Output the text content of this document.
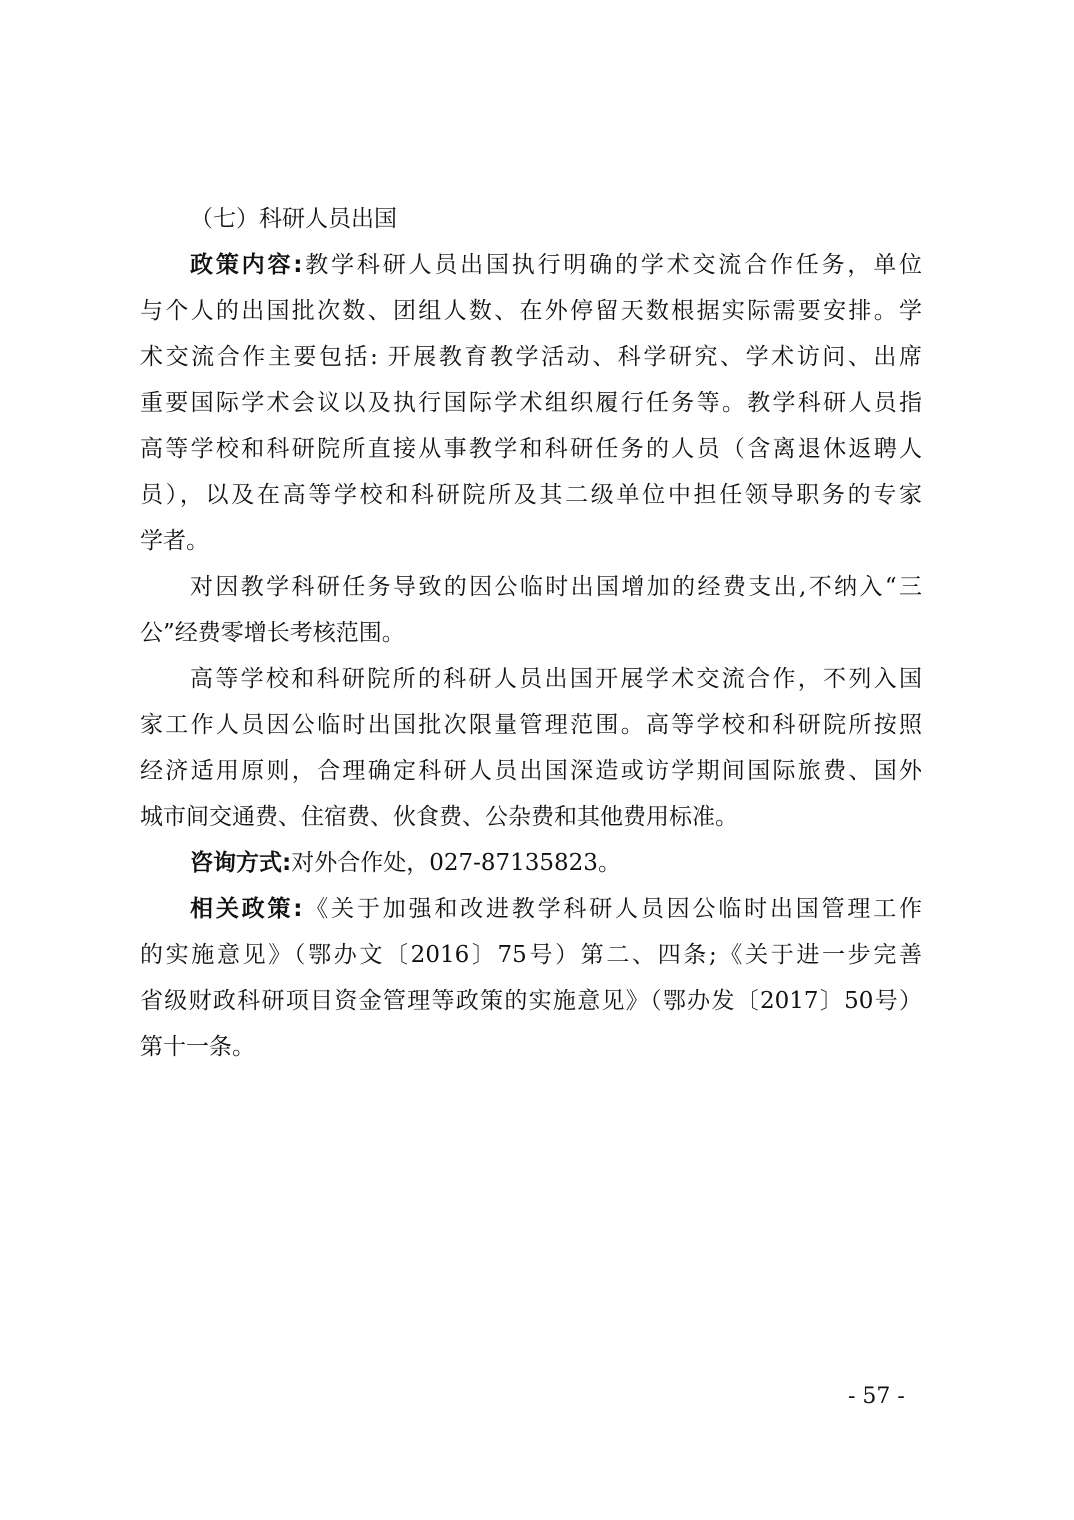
（七）科研人员出国
政策内容:教学科研人员出国执行明确的学术交流合作任务，单位
与个人的出国批次数、团组人数、在外停留天数根据实际需要安排。学
术交流合作主要包括: 开展教育教学活动、科学研究、学术访问、出席
重要国际学术会议以及执行国际学术组织履行任务等。教学科研人员指
高等学校和科研院所直接从事教学和科研任务的人员（含离退休返聘人
员），以及在高等学校和科研院所及其二级单位中担任领导职务的专家
学者。
对因教学科研任务导致的因公临时出国增加的经费支出,不纳入“三
公”经费零增长考核范围。
高等学校和科研院所的科研人员出国开展学术交流合作，不列入国
家工作人员因公临时出国批次限量管理范围。高等学校和科研院所按照
经济适用原则，合理确定科研人员出国深造或访学期间国际旅费、国外
城市间交通费、住宿费、伙食费、公杂费和其他费用标准。
咨询方式:对外合作处，027-87135823。
相关政策:《关于加强和改进教学科研人员因公临时出国管理工作
的实施意见》（鄂办文〔2016〕75号）第二、四条;《关于进一步完善
省级财政科研项目资金管理等政策的实施意见》（鄂办发〔2017〕50号）
第十一条。
- 57 -
